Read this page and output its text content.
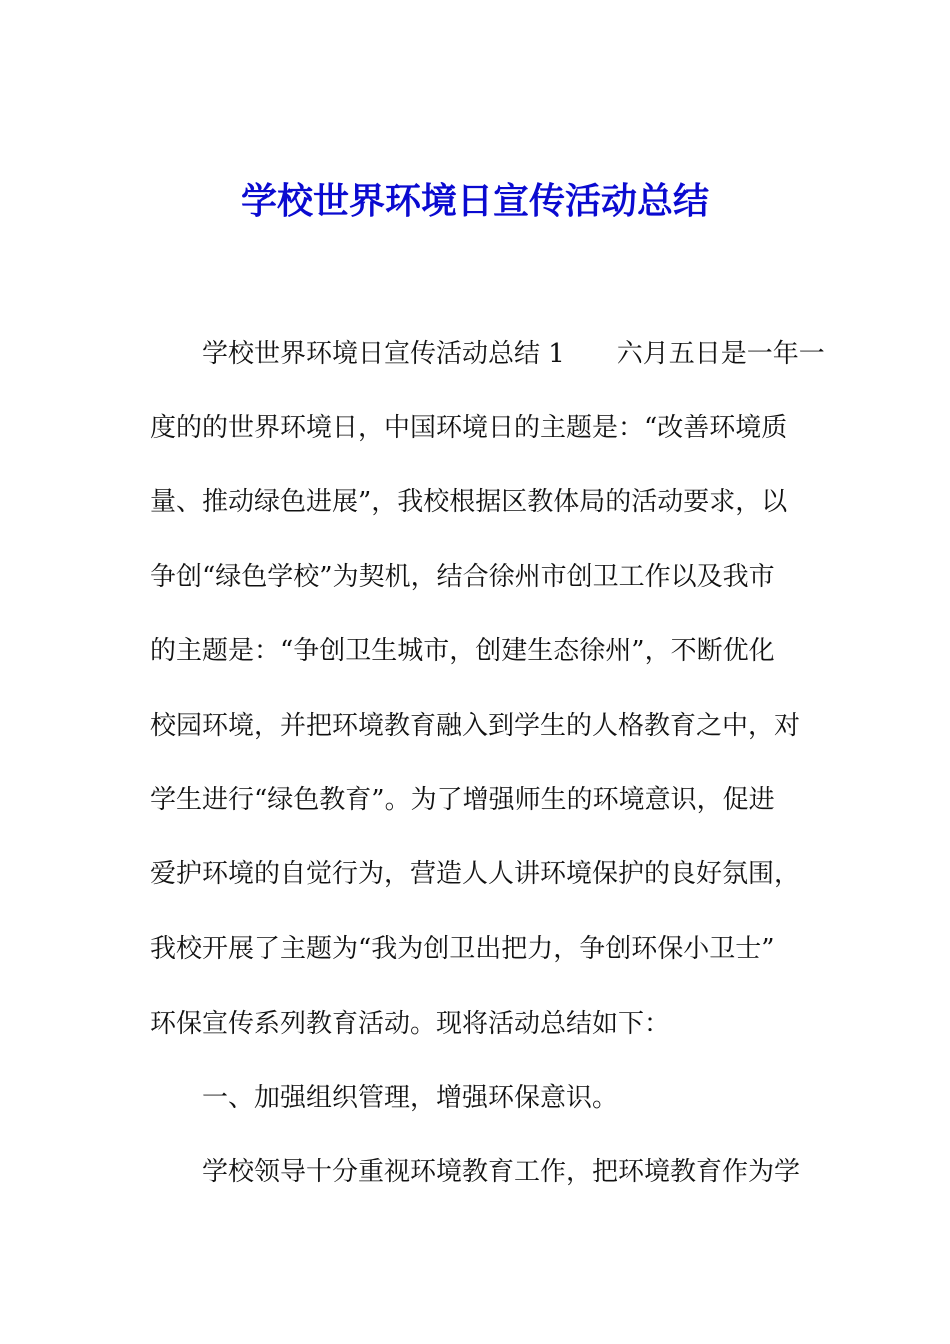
学校世界环境日宣传活动总结

学校世界环境日宣传活动总结 1　　六月五日是一年一

度的的世界环境日，中国环境日的主题是：“改善环境质

量、推动绿色进展”，我校根据区教体局的活动要求，以

争创“绿色学校”为契机，结合徐州市创卫工作以及我市

的主题是：“争创卫生城市，创建生态徐州”，不断优化

校园环境，并把环境教育融入到学生的人格教育之中，对

学生进行“绿色教育”。为了增强师生的环境意识，促进

爱护环境的自觉行为，营造人人讲环境保护的良好氛围，

我校开展了主题为“我为创卫出把力，争创环保小卫士”

环保宣传系列教育活动。现将活动总结如下：

一、加强组织管理，增强环保意识。

学校领导十分重视环境教育工作，把环境教育作为学
